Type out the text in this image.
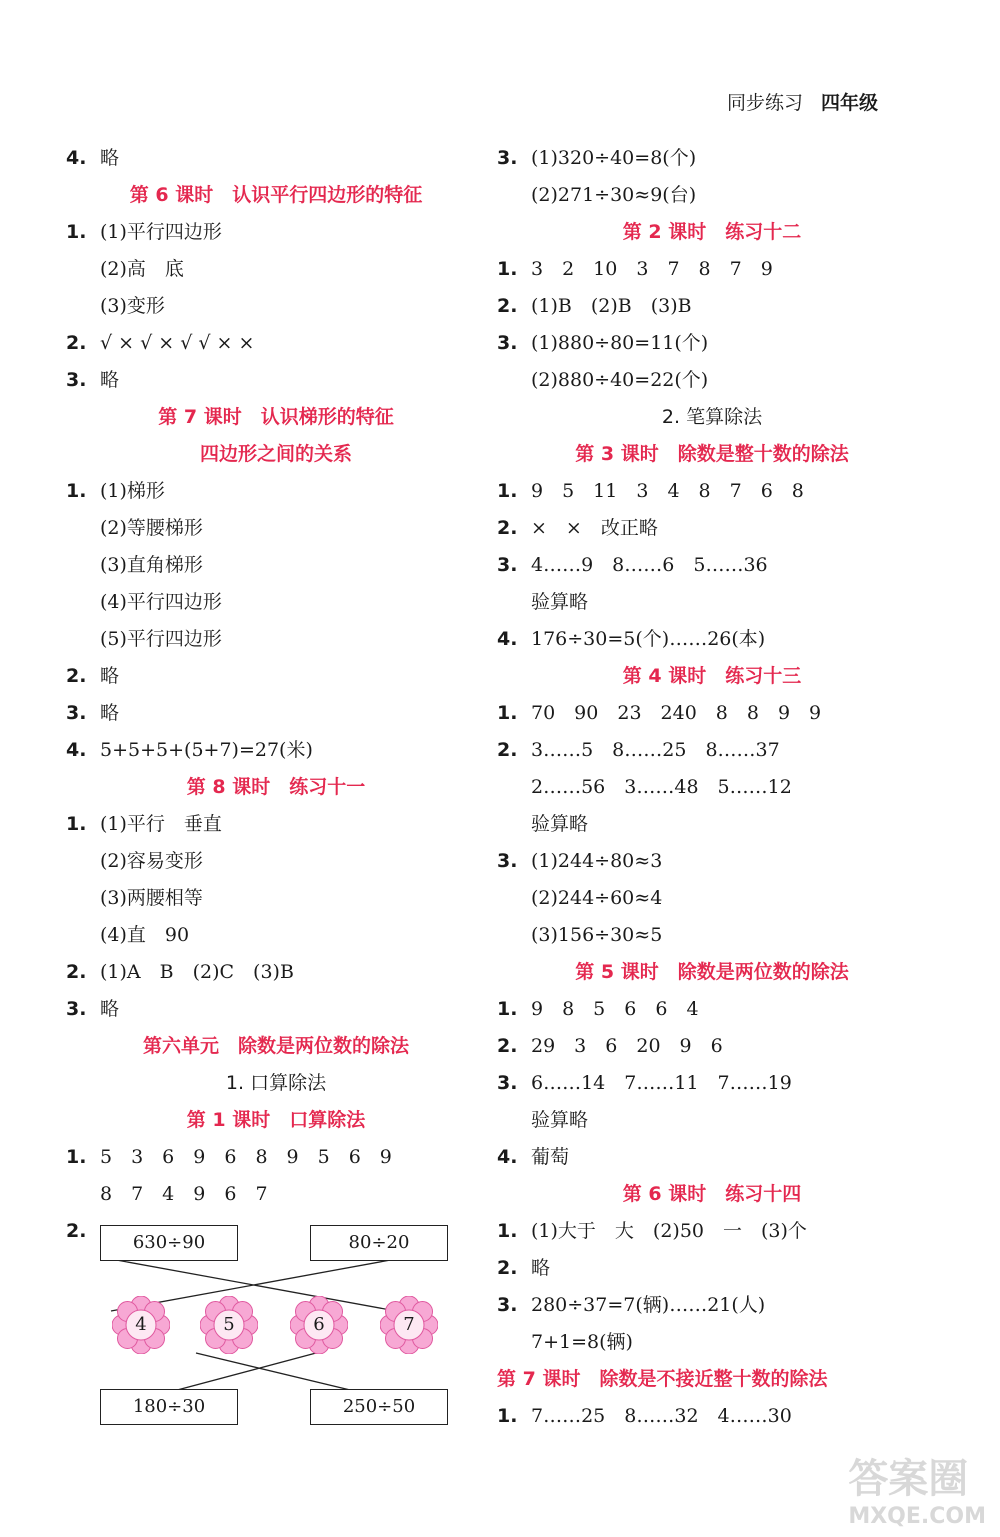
同步练习 四年级
4. 略
第 6 课时　认识平行四边形的特征
1. (1)平行四边形
(2)高　底
(3)变形
2. √ × √ × √ √ × ×
3. 略
第 7 课时　认识梯形的特征
四边形之间的关系
1. (1)梯形
(2)等腰梯形
(3)直角梯形
(4)平行四边形
(5)平行四边形
2. 略
3. 略
4. 5+5+5+(5+7)=27(米)
第 8 课时　练习十一
1. (1)平行　垂直
(2)容易变形
(3)两腰相等
(4)直　90
2. (1)A　B　(2)C　(3)B
3. 略
第六单元　除数是两位数的除法
1. 口算除法
第 1 课时　口算除法
1. 5　3　6　9　6　8　9　5　6　9
8　7　4　9　6　7
2.
3. (1)320÷40=8(个)
(2)271÷30≈9(台)
第 2 课时　练习十二
1. 3　2　10　3　7　8　7　9
2. (1)B　(2)B　(3)B
3. (1)880÷80=11(个)
(2)880÷40=22(个)
2. 笔算除法
第 3 课时　除数是整十数的除法
1. 9　5　11　3　4　8　7　6　8
2. ×　×　改正略
3. 4……9　8……6　5……36
验算略
4. 176÷30=5(个)……26(本)
第 4 课时　练习十三
1. 70　90　23　240　8　8　9　9
2. 3……5　8……25　8……37
2……56　3……48　5……12
验算略
3. (1)244÷80≈3
(2)244÷60≈4
(3)156÷30≈5
第 5 课时　除数是两位数的除法
1. 9　8　5　6　6　4
2. 29　3　6　20　9　6
3. 6……14　7……11　7……19
验算略
4. 葡萄
第 6 课时　练习十四
1. (1)大于　大　(2)50　一　(3)个
2. 略
3. 280÷37=7(辆)……21(人)
7+1=8(辆)
第 7 课时　除数是不接近整十数的除法
1. 7……25　8……32　4……30
630÷90	80÷20
4	5	6	7
180÷30	250÷50
答案圈
MXQE.COM
